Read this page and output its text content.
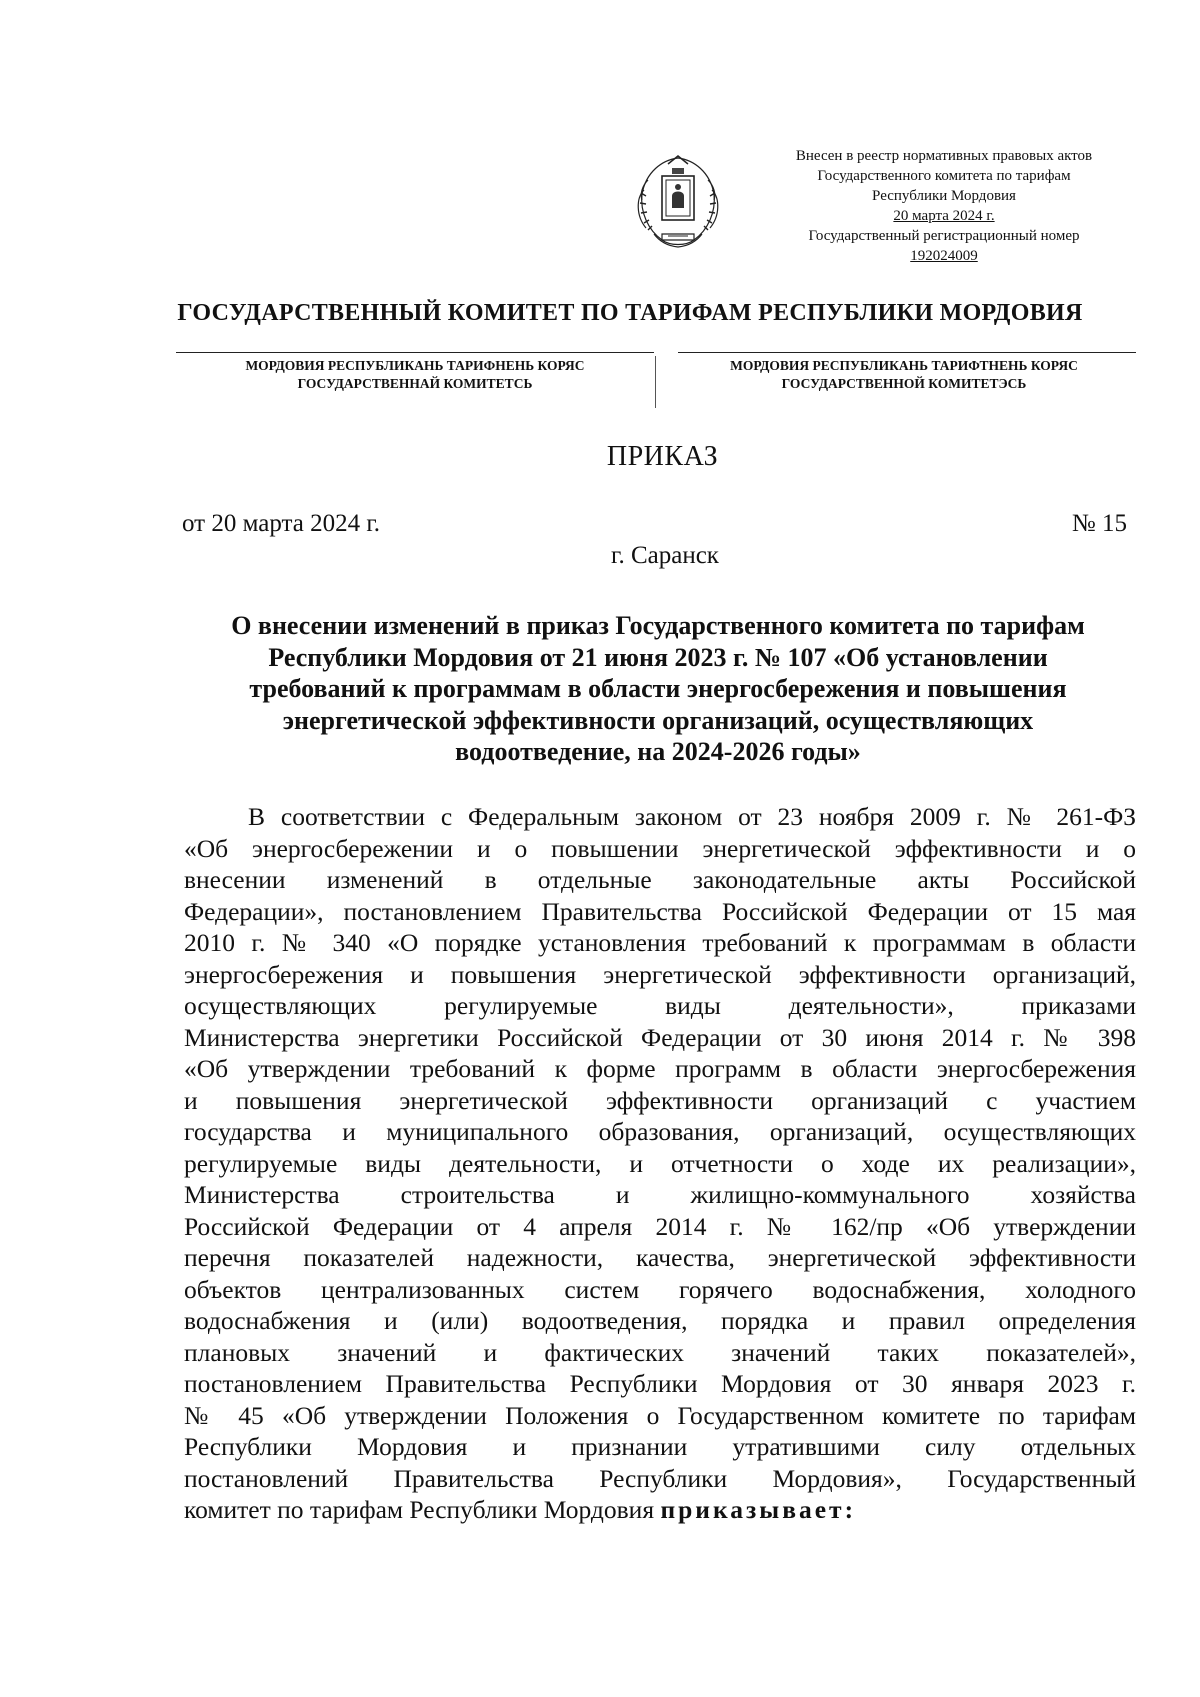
Внесен в реестр нормативных правовых актов
Государственного комитета по тарифам
Республики Мордовия
20 марта 2024 г.
Государственный регистрационный номер
192024009
ГОСУДАРСТВЕННЫЙ КОМИТЕТ ПО ТАРИФАМ РЕСПУБЛИКИ МОРДОВИЯ
МОРДОВИЯ РЕСПУБЛИКАНЬ ТАРИФНЕНЬ КОРЯС
ГОСУДАРСТВЕННАЙ КОМИТЕТСЬ
МОРДОВИЯ РЕСПУБЛИКАНЬ ТАРИФТНЕНЬ КОРЯС
ГОСУДАРСТВЕННОЙ КОМИТЕТЭСЬ
ПРИКАЗ
от 20 марта 2024 г.	№ 15
г. Саранск
О внесении изменений в приказ Государственного комитета по тарифам
Республики Мордовия от 21 июня 2023 г. № 107 «Об установлении
требований к программам в области энергосбережения и повышения
энергетической эффективности организаций, осуществляющих
водоотведение, на 2024-2026 годы»
В соответствии с Федеральным законом от 23 ноября 2009 г. № 261-ФЗ
«Об энергосбережении и о повышении энергетической эффективности и о
внесении изменений в отдельные законодательные акты Российской
Федерации», постановлением Правительства Российской Федерации от 15 мая
2010 г. № 340 «О порядке установления требований к программам в области
энергосбережения и повышения энергетической эффективности организаций,
осуществляющих регулируемые виды деятельности», приказами
Министерства энергетики Российской Федерации от 30 июня 2014 г. № 398
«Об утверждении требований к форме программ в области энергосбережения
и повышения энергетической эффективности организаций с участием
государства и муниципального образования, организаций, осуществляющих
регулируемые виды деятельности, и отчетности о ходе их реализации»,
Министерства строительства и жилищно-коммунального хозяйства
Российской Федерации от 4 апреля 2014 г. № 162/пр «Об утверждении
перечня показателей надежности, качества, энергетической эффективности
объектов централизованных систем горячего водоснабжения, холодного
водоснабжения и (или) водоотведения, порядка и правил определения
плановых значений и фактических значений таких показателей»,
постановлением Правительства Республики Мордовия от 30 января 2023 г.
№ 45 «Об утверждении Положения о Государственном комитете по тарифам
Республики Мордовия и признании утратившими силу отдельных
постановлений Правительства Республики Мордовия», Государственный
комитет по тарифам Республики Мордовия приказывает:
